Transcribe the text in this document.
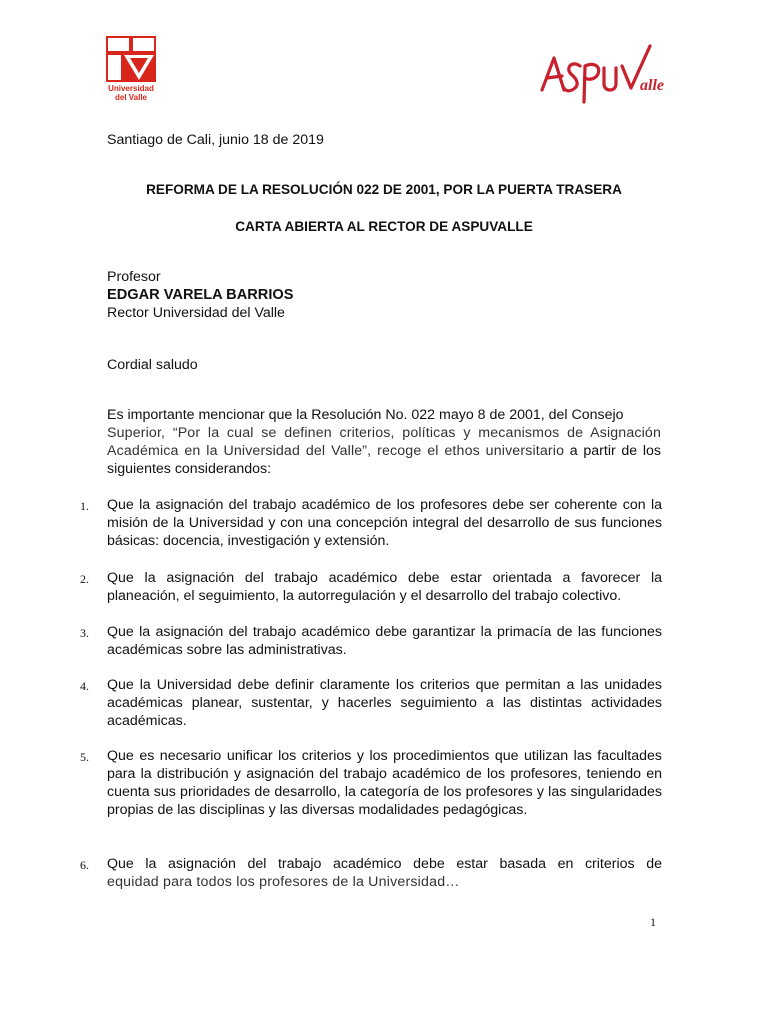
Universidad
del Valle
alle
Santiago de Cali, junio 18 de 2019
REFORMA DE LA RESOLUCIÓN 022 DE 2001, POR LA PUERTA TRASERA
CARTA ABIERTA AL RECTOR DE ASPUVALLE
Profesor
EDGAR VARELA BARRIOS
Rector Universidad del Valle
Cordial saludo
Es importante mencionar que la Resolución No. 022 mayo 8 de 2001, del Consejo
Superior, “Por la cual se definen criterios, políticas y mecanismos de Asignación Académica en la Universidad del Valle”, recoge el ethos universitario a partir de los siguientes considerandos:
1.	Que la asignación del trabajo académico de los profesores debe ser coherente con la misión de la Universidad y con una concepción integral del desarrollo de sus funciones básicas: docencia, investigación y extensión.
2.	Que la asignación del trabajo académico debe estar orientada a favorecer la planeación, el seguimiento, la autorregulación y el desarrollo del trabajo colectivo.
3.	Que la asignación del trabajo académico debe garantizar la primacía de las funciones académicas sobre las administrativas.
4.	Que la Universidad debe definir claramente los criterios que permitan a las unidades académicas planear, sustentar, y hacerles seguimiento a las distintas actividades académicas.
5.	Que es necesario unificar los criterios y los procedimientos que utilizan las facultades para la distribución y asignación del trabajo académico de los profesores, teniendo en cuenta sus prioridades de desarrollo, la categoría de los profesores y las singularidades propias de las disciplinas y las diversas modalidades pedagógicas.
6.	Que la asignación del trabajo académico debe estar basada en criterios de
equidad para todos los profesores de la Universidad…
1
